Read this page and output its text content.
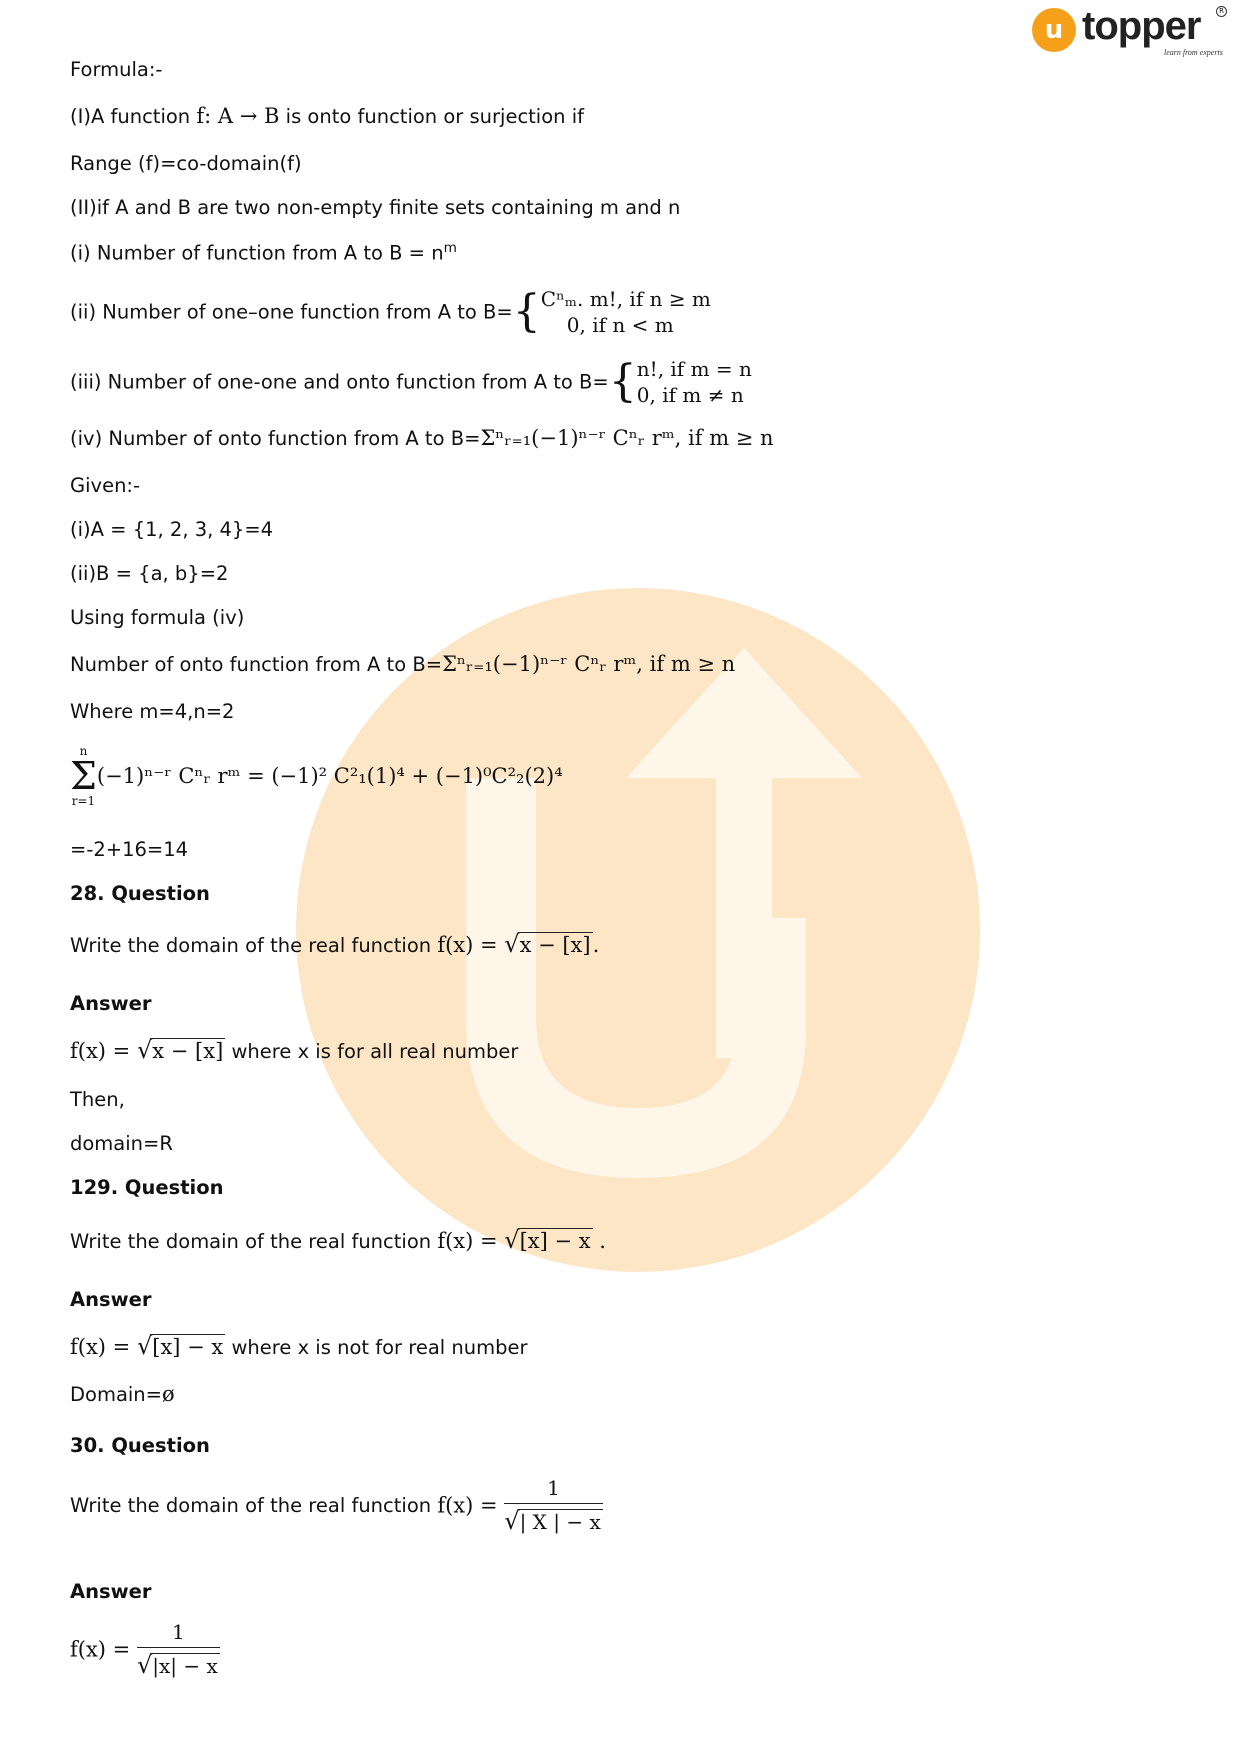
u topper
learn from experts
R
Formula:-
(I)A function f: A → B is onto function or surjection if
Range (f)=co-domain(f)
(II)if A and B are two non-empty finite sets containing m and n
(i) Number of function from A to $B = n^m$
(ii) Number of one–one function from A to B={ Cⁿₘ. m!, if n ≥ m
0, if n < m
(iii) Number of one-one and onto function from A to B={ n!, if m = n
0, if m ≠ n
(iv) Number of onto function from A to B=Σⁿᵣ₌₁(−1)ⁿ⁻ʳ Cⁿᵣ rᵐ, if m ≥ n
Given:-
(i)A = {1, 2, 3, 4}=4
(ii)B = {a, b}=2
Using formula (iv)
Number of onto function from A to B=Σⁿᵣ₌₁(−1)ⁿ⁻ʳ Cⁿᵣ rᵐ, if m ≥ n
Where m=4,n=2
n
Σ
r=1
(−1)ⁿ⁻ʳ Cⁿᵣ rᵐ = (−1)² C²₁(1)⁴ + (−1)⁰C²₂(2)⁴
=-2+16=14
28. Question
Write the domain of the real function f(x) = √x − [x].
Answer
f(x) = √x − [x] where x is for all real number
Then,
domain=R
129. Question
Write the domain of the real function f(x) = √[x] − x .
Answer
f(x) = √[x] − x where x is not for real number
Domain=ø
30. Question
Write the domain of the real function $f(x) = \frac{1}{√| X | - x}$
Answer
$f(x) = \frac{1}{√|x| - x}$
